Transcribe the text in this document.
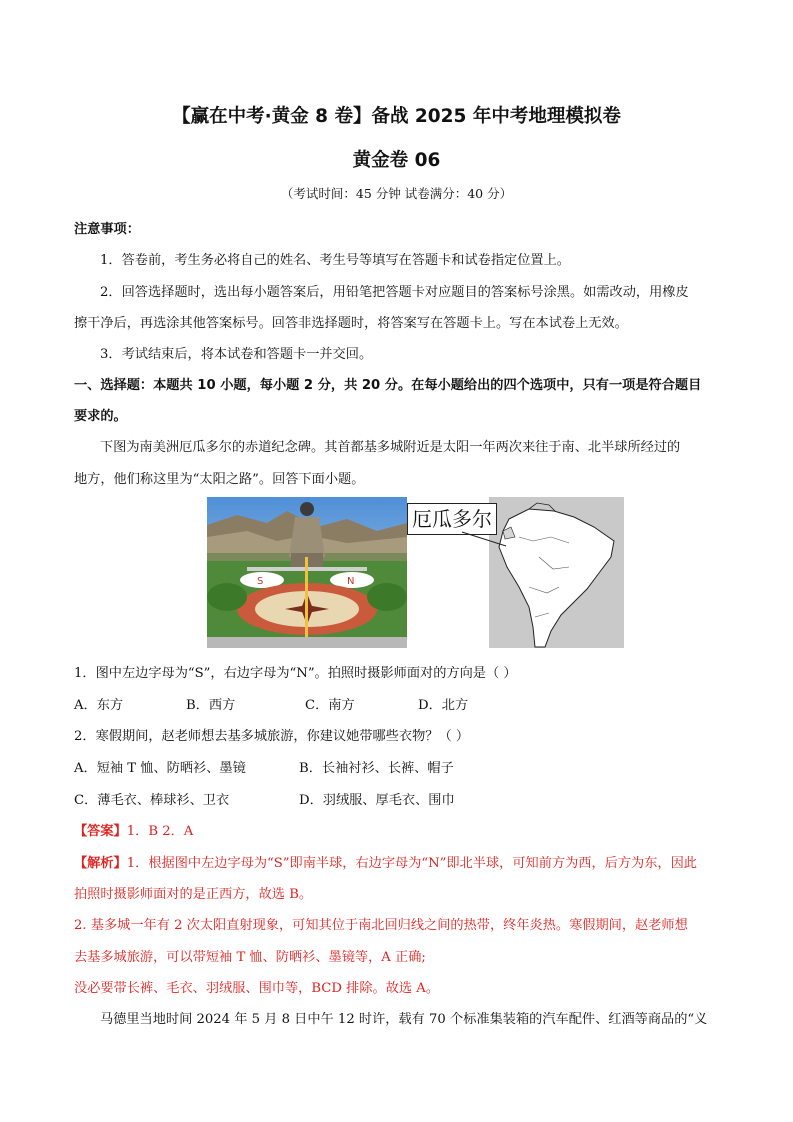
【赢在中考·黄金 8 卷】备战 2025 年中考地理模拟卷
黄金卷 06
（考试时间：45 分钟 试卷满分：40 分）
注意事项：
1．答卷前，考生务必将自己的姓名、考生号等填写在答题卡和试卷指定位置上。
2．回答选择题时，选出每小题答案后，用铅笔把答题卡对应题目的答案标号涂黑。如需改动，用橡皮
擦干净后，再选涂其他答案标号。回答非选择题时，将答案写在答题卡上。写在本试卷上无效。
3．考试结束后，将本试卷和答题卡一并交回。
一、选择题：本题共 10 小题，每小题 2 分，共 20 分。在每小题给出的四个选项中，只有一项是符合题目
要求的。
下图为南美洲厄瓜多尔的赤道纪念碑。其首都基多城附近是太阳一年两次来往于南、北半球所经过的
地方，他们称这里为“太阳之路”。回答下面小题。
S	N
厄瓜多尔
1．图中左边字母为“S”，右边字母为“N”。拍照时摄影师面对的方向是（ ）
A．东方	B．西方	C．南方	D．北方
2．寒假期间，赵老师想去基多城旅游，你建议她带哪些衣物？（ ）
A．短袖 T 恤、防晒衫、墨镜	B．长袖衬衫、长裤、帽子
C．薄毛衣、棒球衫、卫衣	D．羽绒服、厚毛衣、围巾
【答案】1．B 2．A
【解析】1．根据图中左边字母为“S”即南半球，右边字母为“N”即北半球，可知前方为西，后方为东，因此
拍照时摄影师面对的是正西方，故选 B。
2. 基多城一年有 2 次太阳直射现象，可知其位于南北回归线之间的热带，终年炎热。寒假期间，赵老师想
去基多城旅游，可以带短袖 T 恤、防晒衫、墨镜等，A 正确;
没必要带长裤、毛衣、羽绒服、围巾等，BCD 排除。故选 A。
马德里当地时间 2024 年 5 月 8 日中午 12 时许，载有 70 个标准集装箱的汽车配件、红酒等商品的“义
